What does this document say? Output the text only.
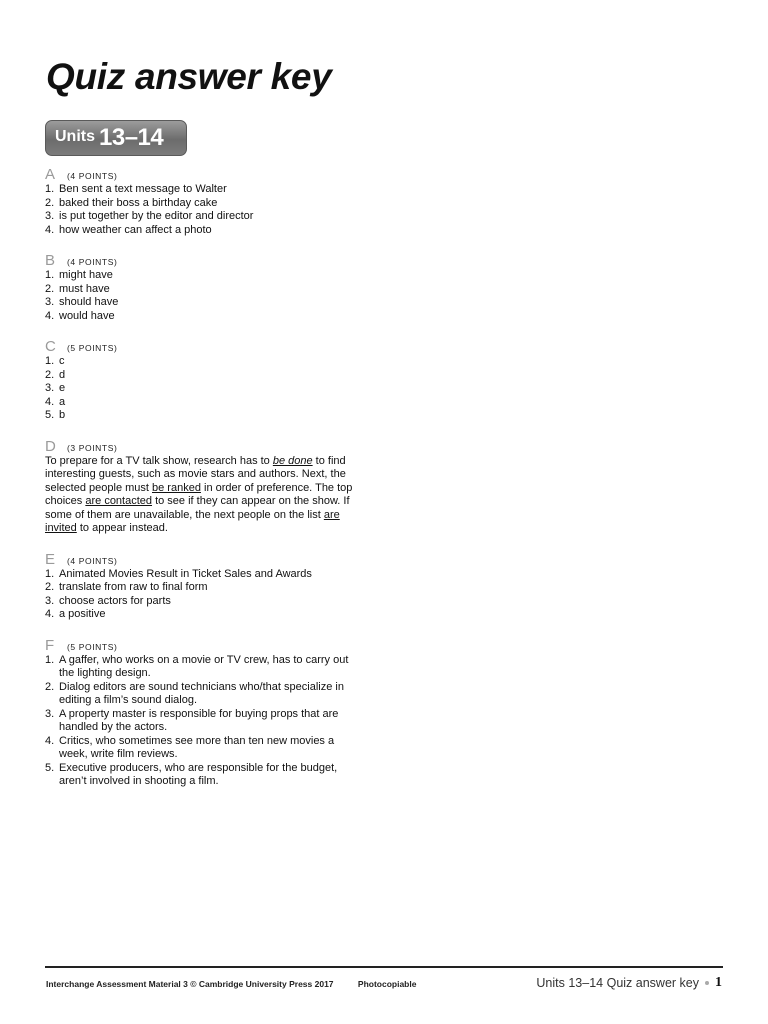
Quiz answer key
Units 13–14
A	(4 POINTS)
1. Ben sent a text message to Walter
2. baked their boss a birthday cake
3. is put together by the editor and director
4. how weather can affect a photo
B	(4 POINTS)
1. might have
2. must have
3. should have
4. would have
C	(5 POINTS)
1. c
2. d
3. e
4. a
5. b
D	(3 POINTS)

To prepare for a TV talk show, research has to be done to find interesting guests, such as movie stars and authors. Next, the selected people must be ranked in order of preference. The top choices are contacted to see if they can appear on the show. If some of them are unavailable, the next people on the list are invited to appear instead.

E	(4 POINTS)
1. Animated Movies Result in Ticket Sales and Awards
2. translate from raw to final form
3. choose actors for parts
4. a positive
F	(5 POINTS)
1. A gaffer, who works on a movie or TV crew, has to carry out the lighting design.
2. Dialog editors are sound technicians who/that specialize in editing a film’s sound dialog.
3. A property master is responsible for buying props that are handled by the actors.
4. Critics, who sometimes see more than ten new movies a week, write film reviews.
5. Executive producers, who are responsible for the budget, aren’t involved in shooting a film.
Interchange Assessment Material 3 © Cambridge University Press 2017	Photocopiable	Units 13–14 Quiz answer key 1
